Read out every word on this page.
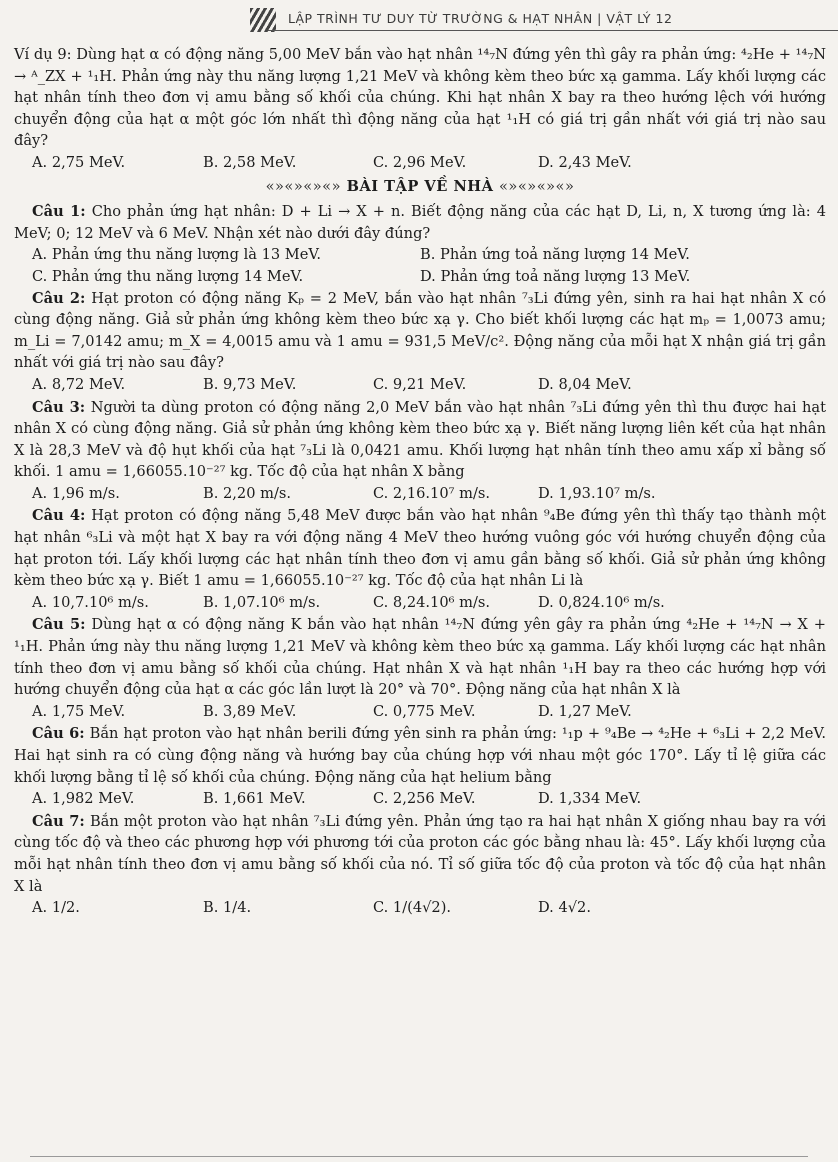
LẬP TRÌNH TƯ DUY TỪ TRƯỜNG & HẠT NHÂN | VẬT LÝ 12

Ví dụ 9: Dùng hạt α có động năng 5,00 MeV bắn vào hạt nhân ¹⁴₇N đứng yên thì gây ra phản ứng: ⁴₂He + ¹⁴₇N → ᴬ_ZX + ¹₁H. Phản ứng này thu năng lượng 1,21 MeV và không kèm theo bức xạ gamma. Lấy khối lượng các hạt nhân tính theo đơn vị amu bằng số khối của chúng. Khi hạt nhân X bay ra theo hướng lệch với hướng chuyển động của hạt α một góc lớn nhất thì động năng của hạt ¹₁H có giá trị gần nhất với giá trị nào sau đây?

A. 2,75 MeV.	B. 2,58 MeV.	C. 2,96 MeV.	D. 2,43 MeV.
«»«»«»«» BÀI TẬP VỀ NHÀ «»«»«»«»

Câu 1: Cho phản ứng hạt nhân: D + Li → X + n. Biết động năng của các hạt D, Li, n, X tương ứng là: 4 MeV; 0; 12 MeV và 6 MeV. Nhận xét nào dưới đây đúng?

A. Phản ứng thu năng lượng là 13 MeV.	B. Phản ứng toả năng lượng 14 MeV.
C. Phản ứng thu năng lượng 14 MeV.	D. Phản ứng toả năng lượng 13 MeV.

Câu 2: Hạt proton có động năng Kₚ = 2 MeV, bắn vào hạt nhân ⁷₃Li đứng yên, sinh ra hai hạt nhân X có cùng động năng. Giả sử phản ứng không kèm theo bức xạ γ. Cho biết khối lượng các hạt mₚ = 1,0073 amu; m_Li = 7,0142 amu; m_X = 4,0015 amu và 1 amu = 931,5 MeV/c². Động năng của mỗi hạt X nhận giá trị gần nhất với giá trị nào sau đây?

A. 8,72 MeV.	B. 9,73 MeV.	C. 9,21 MeV.	D. 8,04 MeV.

Câu 3: Người ta dùng proton có động năng 2,0 MeV bắn vào hạt nhân ⁷₃Li đứng yên thì thu được hai hạt nhân X có cùng động năng. Giả sử phản ứng không kèm theo bức xạ γ. Biết năng lượng liên kết của hạt nhân X là 28,3 MeV và độ hụt khối của hạt ⁷₃Li là 0,0421 amu. Khối lượng hạt nhân tính theo amu xấp xỉ bằng số khối. 1 amu = 1,66055.10⁻²⁷ kg. Tốc độ của hạt nhân X bằng

A. 1,96 m/s.	B. 2,20 m/s.	C. 2,16.10⁷ m/s.	D. 1,93.10⁷ m/s.

Câu 4: Hạt proton có động năng 5,48 MeV được bắn vào hạt nhân ⁹₄Be đứng yên thì thấy tạo thành một hạt nhân ⁶₃Li và một hạt X bay ra với động năng 4 MeV theo hướng vuông góc với hướng chuyển động của hạt proton tới. Lấy khối lượng các hạt nhân tính theo đơn vị amu gần bằng số khối. Giả sử phản ứng không kèm theo bức xạ γ. Biết 1 amu = 1,66055.10⁻²⁷ kg. Tốc độ của hạt nhân Li là

A. 10,7.10⁶ m/s.	B. 1,07.10⁶ m/s.	C. 8,24.10⁶ m/s.	D. 0,824.10⁶ m/s.

Câu 5: Dùng hạt α có động năng K bắn vào hạt nhân ¹⁴₇N đứng yên gây ra phản ứng ⁴₂He + ¹⁴₇N → X + ¹₁H. Phản ứng này thu năng lượng 1,21 MeV và không kèm theo bức xạ gamma. Lấy khối lượng các hạt nhân tính theo đơn vị amu bằng số khối của chúng. Hạt nhân X và hạt nhân ¹₁H bay ra theo các hướng hợp với hướng chuyển động của hạt α các góc lần lượt là 20° và 70°. Động năng của hạt nhân X là

A. 1,75 MeV.	B. 3,89 MeV.	C. 0,775 MeV.	D. 1,27 MeV.

Câu 6: Bắn hạt proton vào hạt nhân berili đứng yên sinh ra phản ứng: ¹₁p + ⁹₄Be → ⁴₂He + ⁶₃Li + 2,2 MeV. Hai hạt sinh ra có cùng động năng và hướng bay của chúng hợp với nhau một góc 170°. Lấy tỉ lệ giữa các khối lượng bằng tỉ lệ số khối của chúng. Động năng của hạt helium bằng

A. 1,982 MeV.	B. 1,661 MeV.	C. 2,256 MeV.	D. 1,334 MeV.

Câu 7: Bắn một proton vào hạt nhân ⁷₃Li đứng yên. Phản ứng tạo ra hai hạt nhân X giống nhau bay ra với cùng tốc độ và theo các phương hợp với phương tới của proton các góc bằng nhau là: 45°. Lấy khối lượng của mỗi hạt nhân tính theo đơn vị amu bằng số khối của nó. Tỉ số giữa tốc độ của proton và tốc độ của hạt nhân X là

A. 1/2.	B. 1/4.	C. 1/(4√2).	D. 4√2.
